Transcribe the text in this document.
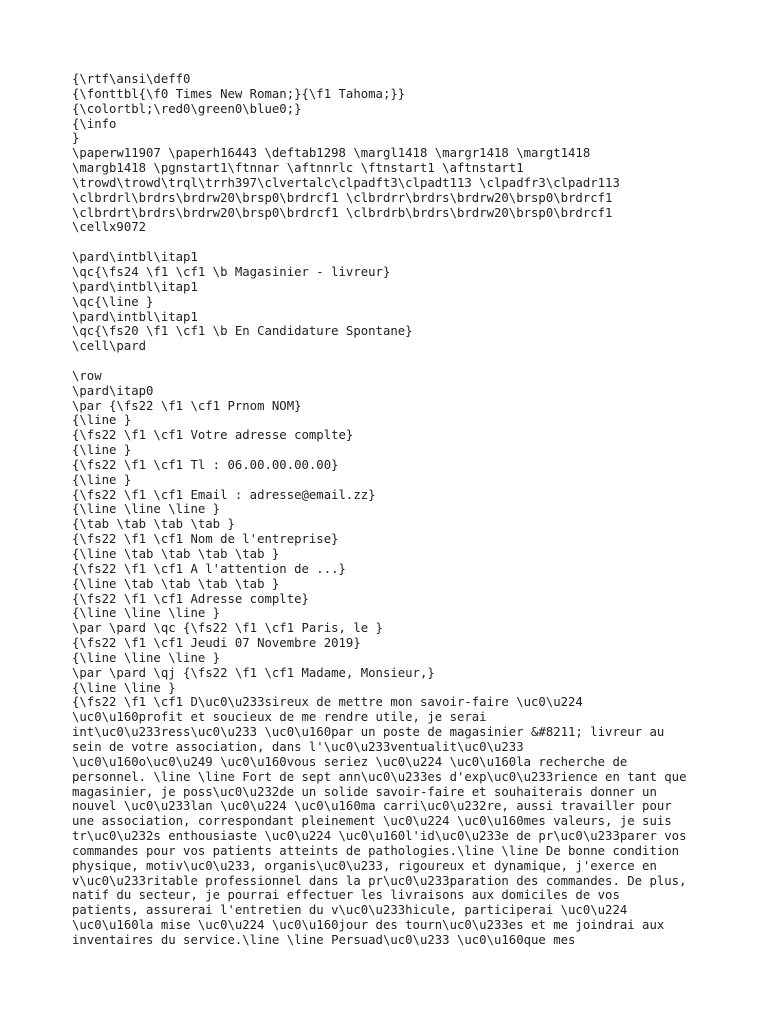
{\rtf\ansi\deff0
{\fonttbl{\f0 Times New Roman;}{\f1 Tahoma;}}
{\colortbl;\red0\green0\blue0;}
{\info
}
\paperw11907 \paperh16443 \deftab1298 \margl1418 \margr1418 \margt1418
\margb1418 \pgnstart1\ftnnar \aftnnrlc \ftnstart1 \aftnstart1
\trowd\trowd\trql\trrh397\clvertalc\clpadft3\clpadt113 \clpadfr3\clpadr113
\clbrdrl\brdrs\brdrw20\brsp0\brdrcf1 \clbrdrr\brdrs\brdrw20\brsp0\brdrcf1
\clbrdrt\brdrs\brdrw20\brsp0\brdrcf1 \clbrdrb\brdrs\brdrw20\brsp0\brdrcf1
\cellx9072
\pard\intbl\itap1
\qc{\fs24 \f1 \cf1 \b Magasinier - livreur}
\pard\intbl\itap1
\qc{\line }
\pard\intbl\itap1
\qc{\fs20 \f1 \cf1 \b En Candidature Spontane}
\cell\pard
\row
\pard\itap0
\par {\fs22 \f1 \cf1 Prnom NOM}
{\line }
{\fs22 \f1 \cf1 Votre adresse complte}
{\line }
{\fs22 \f1 \cf1 Tl : 06.00.00.00.00}
{\line }
{\fs22 \f1 \cf1 Email : adresse@email.zz}
{\line \line \line }
{\tab \tab \tab \tab }
{\fs22 \f1 \cf1 Nom de l'entreprise}
{\line \tab \tab \tab \tab }
{\fs22 \f1 \cf1 A l'attention de ...}
{\line \tab \tab \tab \tab }
{\fs22 \f1 \cf1 Adresse complte}
{\line \line \line }
\par \pard \qc {\fs22 \f1 \cf1 Paris, le }
{\fs22 \f1 \cf1 Jeudi 07 Novembre 2019}
{\line \line \line }
\par \pard \qj {\fs22 \f1 \cf1 Madame, Monsieur,}
{\line \line }
{\fs22 \f1 \cf1 D\uc0\u233sireux de mettre mon savoir-faire \uc0\u224
\uc0\u160profit et soucieux de me rendre utile, je serai
int\uc0\u233ress\uc0\u233 \uc0\u160par un poste de magasinier &#8211; livreur au
sein de votre association, dans l'\uc0\u233ventualit\uc0\u233
\uc0\u160o\uc0\u249 \uc0\u160vous seriez \uc0\u224 \uc0\u160la recherche de
personnel. \line \line Fort de sept ann\uc0\u233es d'exp\uc0\u233rience en tant que
magasinier, je poss\uc0\u232de un solide savoir-faire et souhaiterais donner un
nouvel \uc0\u233lan \uc0\u224 \uc0\u160ma carri\uc0\u232re, aussi travailler pour
une association, correspondant pleinement \uc0\u224 \uc0\u160mes valeurs, je suis
tr\uc0\u232s enthousiaste \uc0\u224 \uc0\u160l'id\uc0\u233e de pr\uc0\u233parer vos
commandes pour vos patients atteints de pathologies.\line \line De bonne condition
physique, motiv\uc0\u233, organis\uc0\u233, rigoureux et dynamique, j'exerce en
v\uc0\u233ritable professionnel dans la pr\uc0\u233paration des commandes. De plus,
natif du secteur, je pourrai effectuer les livraisons aux domiciles de vos
patients, assurerai l'entretien du v\uc0\u233hicule, participerai \uc0\u224
\uc0\u160la mise \uc0\u224 \uc0\u160jour des tourn\uc0\u233es et me joindrai aux
inventaires du service.\line \line Persuad\uc0\u233 \uc0\u160que mes
